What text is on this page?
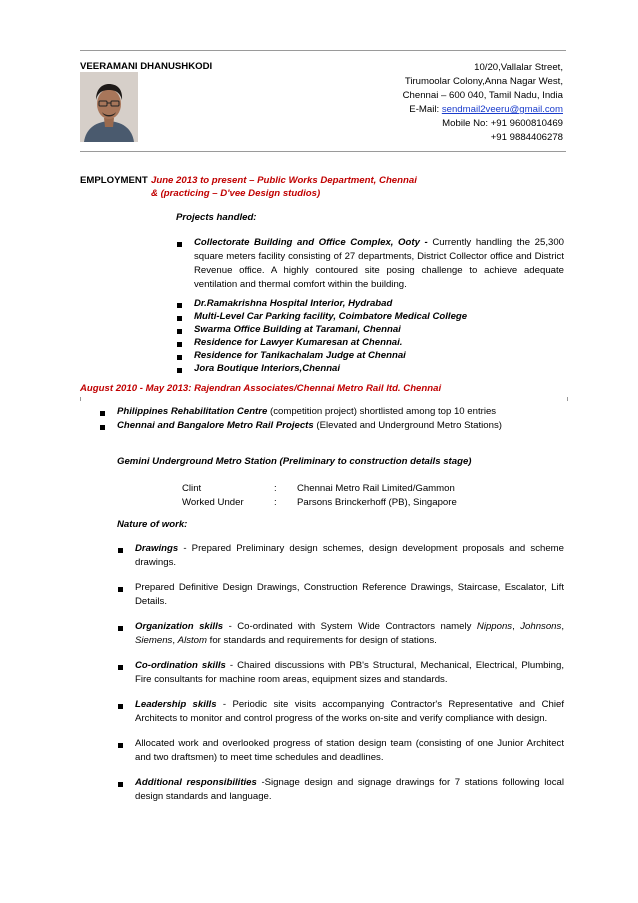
VEERAMANI DHANUSHKODI	10/20,Vallalar Street,
Tirumoolar Colony,Anna Nagar West,
Chennai – 600 040, Tamil Nadu, India
E-Mail: sendmail2veeru@gmail.com
Mobile No: +91 9600810469
+91 9884406278
EMPLOYMENT June 2013 to present – Public Works Department, Chennai
& (practicing – D'vee Design studios)
Projects handled:
Collectorate Building and Office Complex, Ooty - Currently handling the 25,300
square meters facility consisting of 27 departments, District Collector office and District
Revenue office. A highly contoured site posing challenge to achieve adequate
ventilation and thermal comfort within the building.
Dr.Ramakrishna Hospital Interior, Hydrabad
Multi-Level Car Parking facility, Coimbatore Medical College
Swarma Office Building at Taramani, Chennai
Residence for Lawyer Kumaresan at Chennai.
Residence for Tanikachalam Judge at Chennai
Jora Boutique Interiors,Chennai
August 2010 - May 2013: Rajendran Associates/Chennai Metro Rail ltd. Chennai
Philippines Rehabilitation Centre (competition project) shortlisted among top 10 entries
Chennai and Bangalore Metro Rail Projects (Elevated and Underground Metro Stations)
Gemini Underground Metro Station (Preliminary to construction details stage)
Clint	: Chennai Metro Rail Limited/Gammon
Worked Under	: Parsons Brinckerhoff (PB), Singapore
Nature of work:
Drawings - Prepared Preliminary design schemes, design development proposals and scheme
drawings.
Prepared Definitive Design Drawings, Construction Reference Drawings, Staircase, Escalator, Lift
Details.
Organization skills - Co-ordinated with System Wide Contractors namely Nippons, Johnsons,
Siemens, Alstom for standards and requirements for design of stations.
Co-ordination skills - Chaired discussions with PB's Structural, Mechanical, Electrical, Plumbing,
Fire consultants for machine room areas, equipment sizes and standards.
Leadership skills - Periodic site visits accompanying Contractor's Representative and Chief
Architects to monitor and control progress of the works on-site and verify compliance with design.
Allocated work and overlooked progress of station design team (consisting of one Junior Architect
and two draftsmen) to meet time schedules and deadlines.
Additional responsibilities -Signage design and signage drawings for 7 stations following local
design standards and language.
